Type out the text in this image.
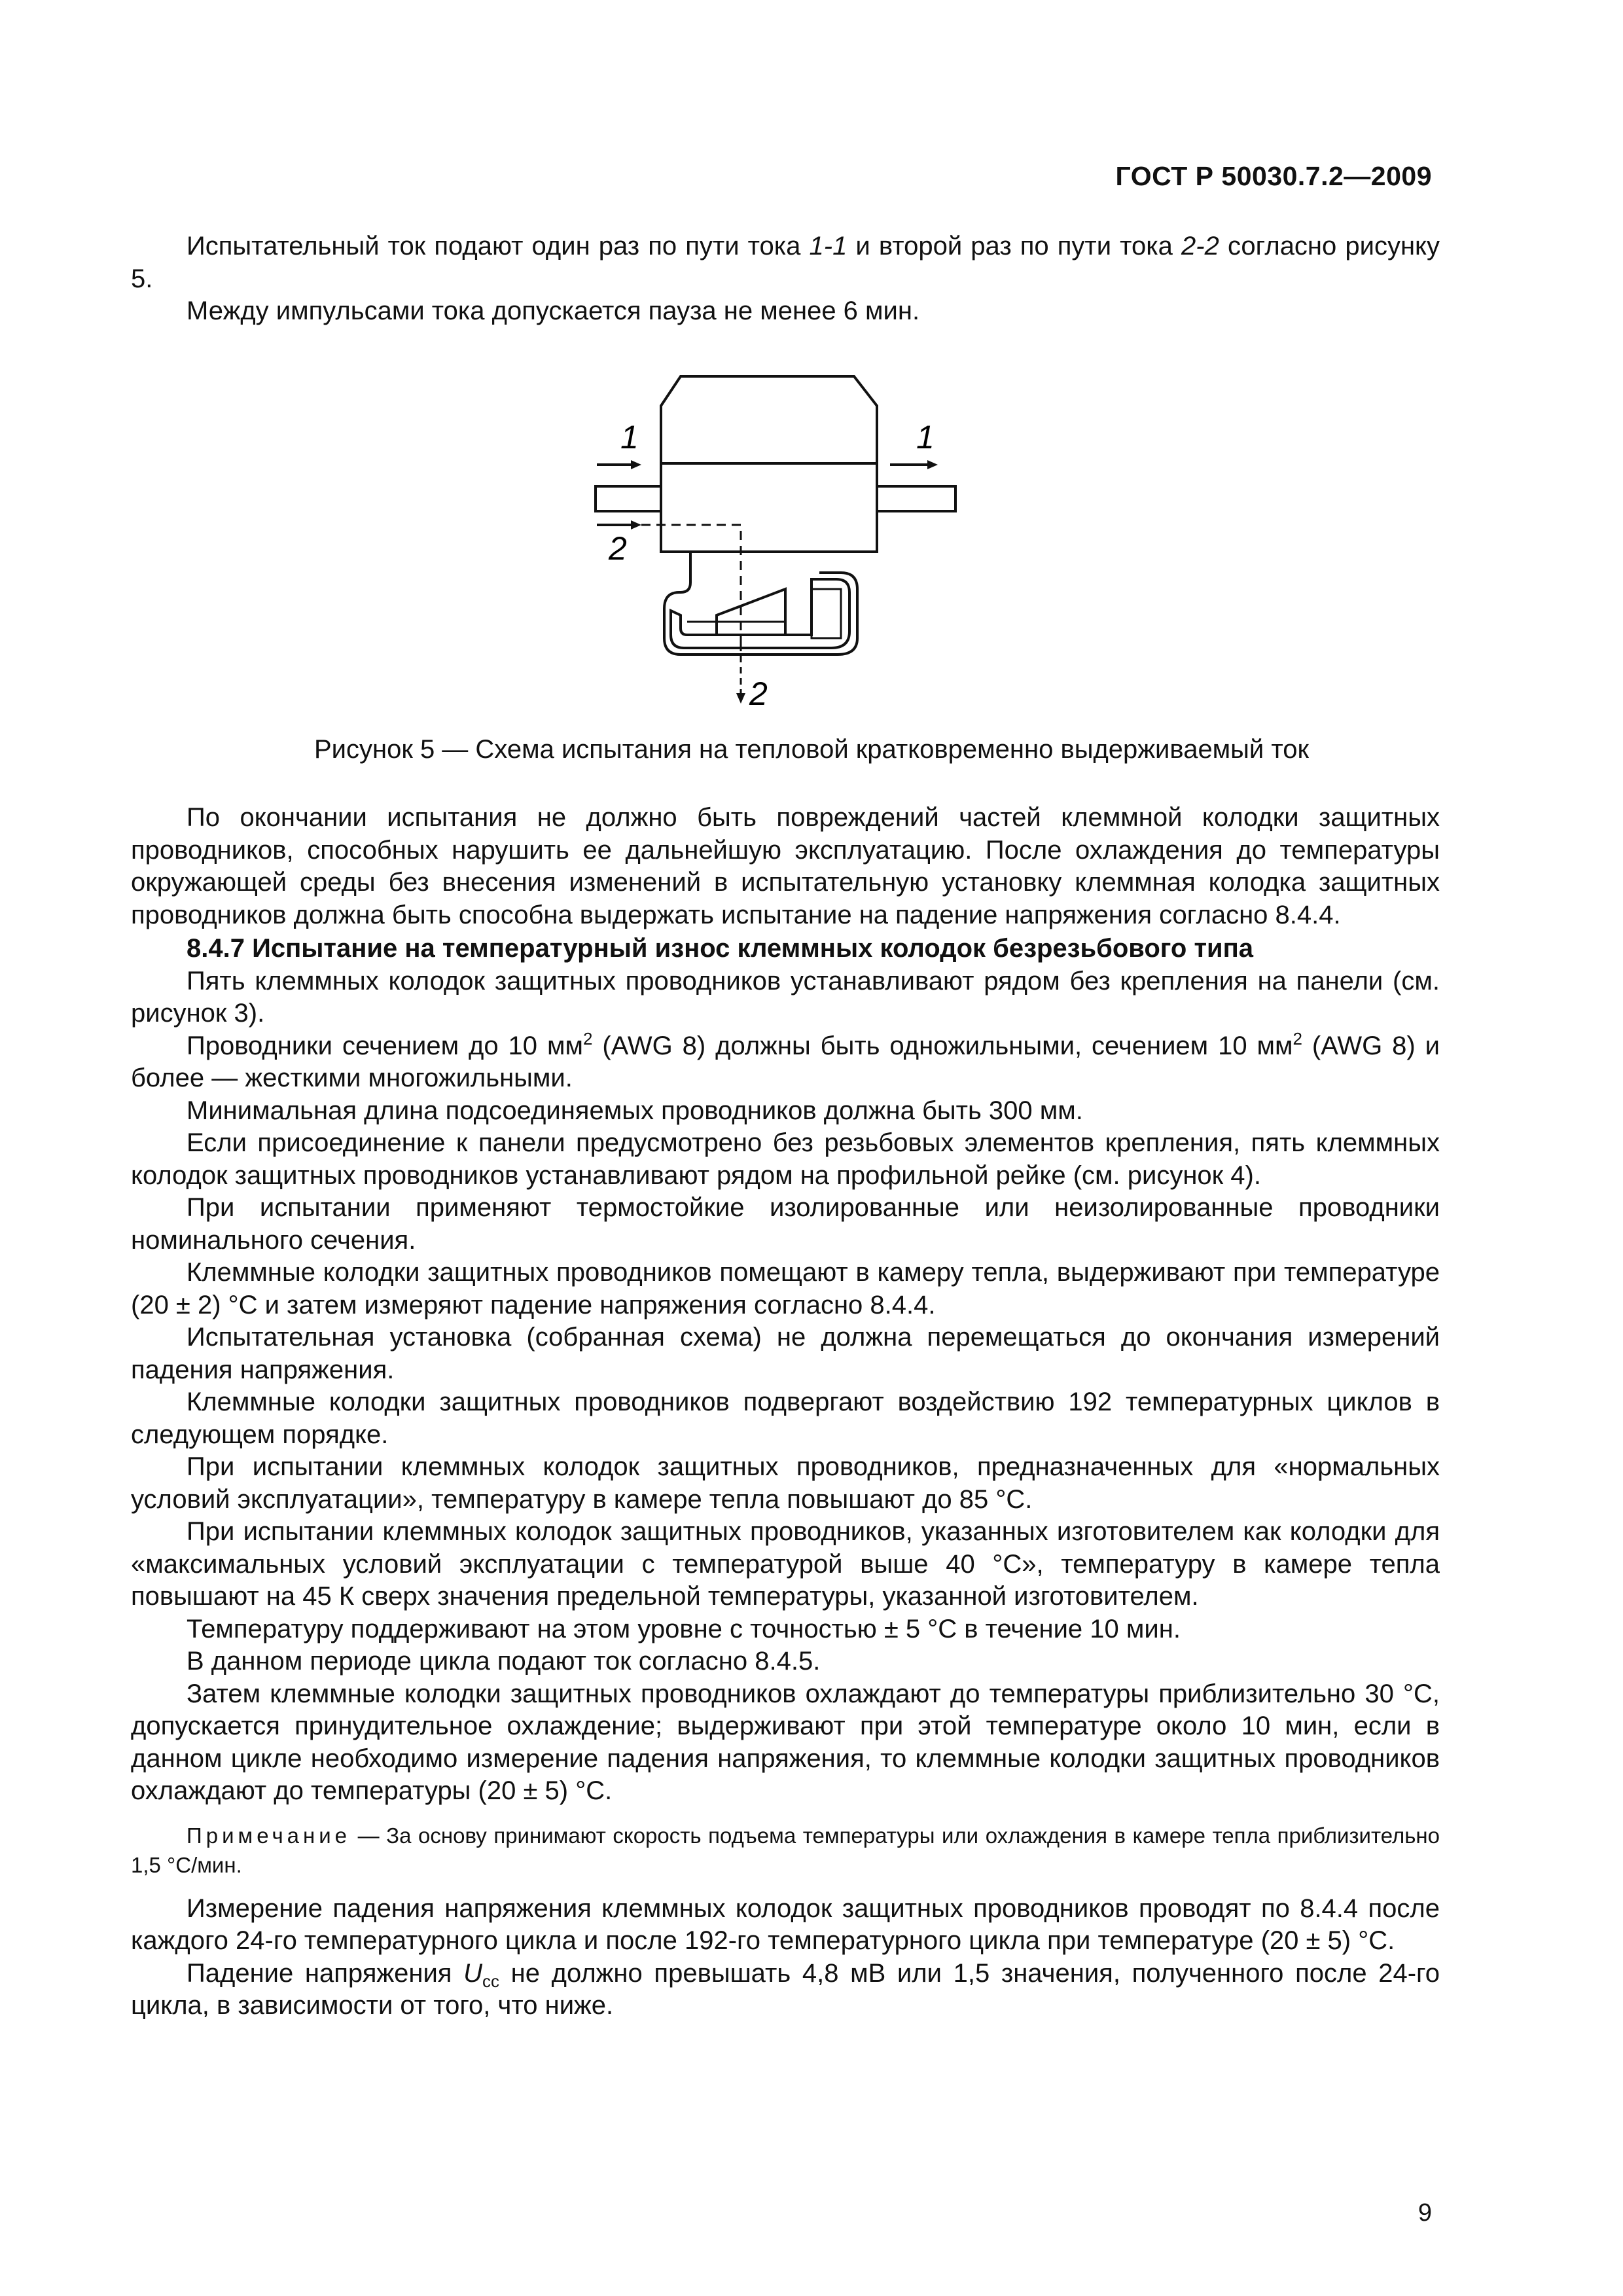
ГОСТ Р 50030.7.2—2009

Испытательный ток подают один раз по пути тока 1-1 и второй раз по пути тока 2-2 согласно рисунку 5.

Между импульсами тока допускается пауза не менее 6 мин.

1	1
2
2
Рисунок 5 — Схема испытания на тепловой кратковременно выдерживаемый ток

По окончании испытания не должно быть повреждений частей клеммной колодки защитных проводников, способных нарушить ее дальнейшую эксплуатацию. После охлаждения до температуры окружающей среды без внесения изменений в испытательную установку клеммная колодка защитных проводников должна быть способна выдержать испытание на падение напряжения согласно 8.4.4.

8.4.7 Испытание на температурный износ клеммных колодок безрезьбового типа

Пять клеммных колодок защитных проводников устанавливают рядом без крепления на панели (см. рисунок 3).

Проводники сечением до 10 $мм^2$ (AWG 8) должны быть одножильными, сечением 10 $мм^2$ (AWG 8) и более — жесткими многожильными.

Минимальная длина подсоединяемых проводников должна быть 300 мм.

Если присоединение к панели предусмотрено без резьбовых элементов крепления, пять клеммных колодок защитных проводников устанавливают рядом на профильной рейке (см. рисунок 4).

При испытании применяют термостойкие изолированные или неизолированные проводники номинального сечения.

Клеммные колодки защитных проводников помещают в камеру тепла, выдерживают при температуре (20 ± 2) °С и затем измеряют падение напряжения согласно 8.4.4.

Испытательная установка (собранная схема) не должна перемещаться до окончания измерений падения напряжения.

Клеммные колодки защитных проводников подвергают воздействию 192 температурных циклов в следующем порядке.

При испытании клеммных колодок защитных проводников, предназначенных для «нормальных условий эксплуатации», температуру в камере тепла повышают до 85 °С.

При испытании клеммных колодок защитных проводников, указанных изготовителем как колодки для «максимальных условий эксплуатации с температурой выше 40 °С», температуру в камере тепла повышают на 45 К сверх значения предельной температуры, указанной изготовителем.

Температуру поддерживают на этом уровне с точностью ± 5 °С в течение 10 мин.

В данном периоде цикла подают ток согласно 8.4.5.

Затем клеммные колодки защитных проводников охлаждают до температуры приблизительно 30 °С, допускается принудительное охлаждение; выдерживают при этой температуре около 10 мин, если в данном цикле необходимо измерение падения напряжения, то клеммные колодки защитных проводников охлаждают до температуры (20 ± 5) °С.

Примечание — За основу принимают скорость подъема температуры или охлаждения в камере тепла приблизительно 1,5 °С/мин.

Измерение падения напряжения клеммных колодок защитных проводников проводят по 8.4.4 после каждого 24-го температурного цикла и после 192-го температурного цикла при температуре (20 ± 5) °С.

Падение напряжения $U_{cc}$ не должно превышать 4,8 мВ или 1,5 значения, полученного после 24-го цикла, в зависимости от того, что ниже.

9
